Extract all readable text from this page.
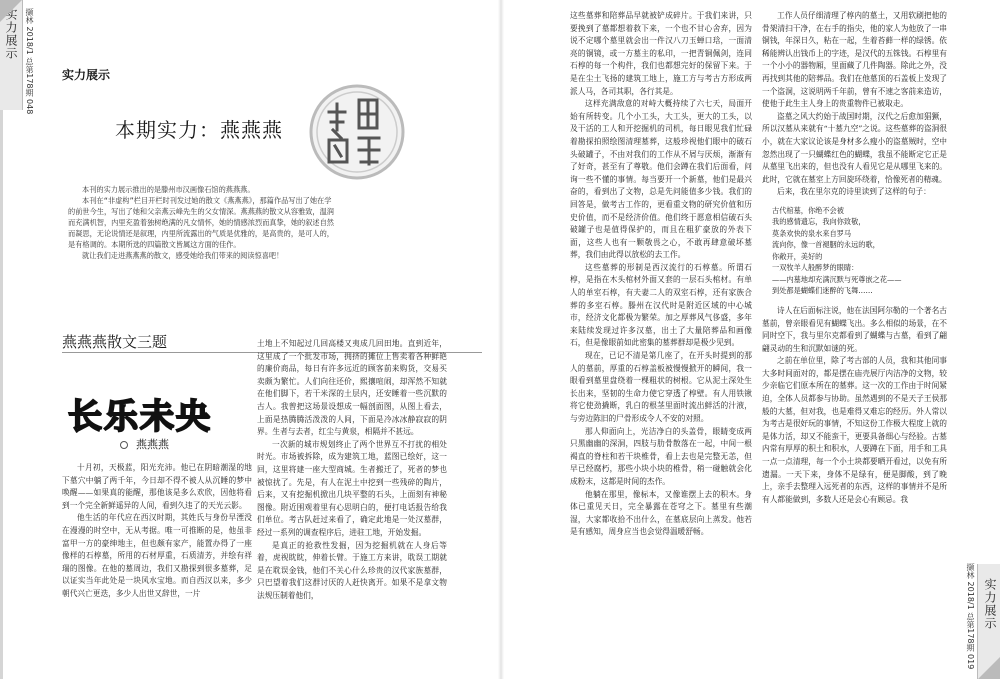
实力展示 撷林 2018/1 总第178期 048
实力展示
撷林 2018/1 总第178期 019
实力展示
本期实力：燕燕燕

本刊的实力展示推出的是滕州市汉画像石馆的燕燕燕。

本刊在“非虚构”栏目开栏时刊发过她的散文《燕燕燕》，那篇作品写出了她在学的前世今生，写出了她和父亲燕云峰先生的父女情深。燕燕燕的散文从容雅致，温润而充满机智，内里充盈着独树绝满的凡女情怀，她的情感浓烈而真挚，她的叙述自然而凝思，无论说情还是叙理，内里所流露出的气质是优雅的，是高贵的，是可人的，是有格调的。本期所选的四篇散文皆属这方面的佳作。

就让我们走进燕燕燕的散文，感受她给我们带来的阅读惊喜吧！

燕燕燕散文三题
长乐未央
燕燕燕

十月初，天极蓝，阳光充沛。他已在阴暗潮湿的地下墓穴中躺了两千年，今日却不得不被人从沉睡的梦中唤醒——如果真的能醒，那他该是多么欢欣，因他将看到一个完全新鲜遥异的人间，看到久违了的天光云影。

他生活的年代应在西汉时期，其姓氏与身份早湮没在漫漫的时空中，无从考据。唯一可推断的是，他虽非富甲一方的豪绅地主，但也颇有家产，能置办得了一座像样的石椁墓，所用的石材厚重，石质清芳，并绘有祥瑞的图像。在他的墓周边，我们又勘探到很多墓葬，足以证实当年此处是一块风水宝地。而自西汉以来，多少朝代兴亡更迭，多少人出世又辞世，一片

土地上不知起过几回高楼又夷成几回田地。直到近年，这里成了一个批发市场，拥挤的摊位上售卖着各种鲜艳的廉价商品，每日有许多远近的顾客前来购货，交易买卖颇为繁忙。人们向往还价，熙攘喧闹，却浑然不知就在他们脚下，若干米深的土层内，还安睡着一些沉默的古人。我曾把这场景设想成一幅剖面图，从图上看去，上面是热腾腾活泼泼的人间，下面是冷冰冰静寂寂的阴界。生者与去者，红尘与黄泉，相隔并不甚远。

一次新的城市规划终止了两个世界互不打扰的相处时光。市场被拆除，成为建筑工地，蓝图已绘好，这一回，这里将建一座大型商城。生者搬迁了，死者的梦也被惊扰了。先是，有人在泥土中挖到一些残碎的陶片，后来，又有挖掘机掀出几块平整的石头，上面刻有神秘图像。附近围观着里有心思明白的，便打电话报告给我们单位。考古队赶过来看了，确定此地是一处汉墓群，经过一系列的调查程序后，进驻工地，开始发掘。

是真正的抢救性发掘，因为挖掘机就在人身后等着，虎视眈眈，伸着长臂。于施工方来讲，耽误工期就是在耽误金钱，他们不关心什么珍贵的汉代家族墓群，只巴望着我们这群讨厌的人赶快离开。如果不是拿文物法规压制着他们，

这些墓葬和陪葬品早就被铲成碎片。于我们来讲，只要挽到了墓都想着救下来，一个也不甘心舍弃，因为说不定哪个墓里就会出一件汉八刀玉蝉口琀，一面清亮的铜镜，或一方墓主的私印，一把青铜佩剑，连同石椁的每一个构件，我们也都想完好的保留下来。于是在尘土飞扬的建筑工地上，施工方与考古方形成两派人马，各司其职，各行其是。

这样充满敌意的对峙大概持续了六七天，局面开始有所转变。几个小工头，大工头，更大的工头，以及干活的工人和开挖掘机的司机，每日眼见我们忙碌着勘探拍照绘图清理墓葬，这般珍视他们眼中的破石头破罐子，不由对我们的工作从不屑与厌烦，渐渐有了好奇，甚至有了尊敬。他们会蹲在我们后面看，问询一些不懂的事情。每当要开一个新墓，他们是最兴奋的，看到出了文物，总是先问能值多少钱。我们的回答是，做考古工作的，更看重文物的研究价值和历史价值，而不是经济价值。他们终于愿意相信破石头破罐子也是值得保护的，而且在粗犷豪放的外表下面，这些人也有一颗敬畏之心，不敢再肆意破坏墓葬，我们由此得以放松的去工作。

这些墓葬的形制是西汉流行的石椁墓。所谓石椁，是指在木头棺材外面又套的一层石头棺材。有单人的单室石椁，有夫妻二人的双室石椁，还有家族合葬的多室石椁。滕州在汉代时是附近区域的中心城市，经济文化都极为繁荣。加之厚葬风气侈盛，多年来陆续发现过许多汉墓，出土了大量陪葬品和画像石，但是像眼前如此密集的墓葬群却是极少见到。

现在，已记不清是第几座了，在开头时提到的那人的墓前，厚重的石椁盖板被慢慢掀开的瞬间，我一眼看到墓里盘绕着一棵粗状的树根。它从泥土深处生长出来，坚韧的生命力使它穿透了椁壁。有人用铁锹将它使劲撬断，乳白的根茎里面时流出鲜活的汁液，与旁边陈旧的尸骨形成令人不安的对照。

那人仰面向上，光洁净白的头盖骨，眼睛变成两只黑幽幽的深洞，四肢与肋骨散落在一起，中间一根褐直的脊柱和若干块椎骨，看上去也是完整无恙，但早已经腐朽，那些小块小块的椎骨，稍一碰触就会化成粉末，这都是时间的杰作。

他躺在那里，像标本，又像谁摆上去的积木。身体已重见天日，完全暴露在苍穹之下。墓里有些潮湿，大家都收拾不出什么，在墓底层向上蒸发。他若是有感知，周身应当也会觉得温暖舒畅。

工作人员仔细清理了椁内的墓土，又用软刷把他的骨架清扫干净，在右手的指尖，他的家人为他放了一串铜钱，年深日久，粘在一起，生着苔藓一样的绿锈。依稀能辨认出钱币上的字迹，是汉代的五铢钱。石椁里有一个小小的器物厢，里面藏了几件陶器。除此之外，没再找到其他的陪葬品。我们在他墓顶的石盖板上发现了一个盗洞，这说明两千年前，曾有不速之客前来造访，使他于此生主人身上的贵重物件已被取走。

盗墓之风大约始于战国时期，汉代之后愈加猖獗，所以汉墓从来就有“十墓九空”之说。这些墓葬的盗洞很小，就在大家议论该是身材多么瘦小的盗墓贼时，空中忽然出现了一只蝴蝶红色的蝴蝶，我虽不能断定它正是从墓里飞出来的，但也没有人看见它是从哪里飞来的。此时，它就在墓室上方回旋环绕着，恰像死者的精魂。

后来，我在里尔克的诗里读到了这样的句子：

古代棺墓，你绝不会被
我的感情遗忘，我向你致敬，
莫条欢快的泉水来自罗马
流向你，像一首褪胭的永远的歌，
你敞开，美好的
一双牧羊人般醉梦的眼睛：
——内墓地却充满沉默与死尊嵌之花——
到处都是蝴蝶们迷醉的飞舞……

诗人在后面标注说，他在法国阿尔勒的一个著名古墓前，曾亲眼看见有蝴蝶飞出。多么相似的场景，在不同时空下，我与里尔克都看到了蝴蝶与古墓，看到了翩翩灵动的生和沉默如谜的死。

之前在单位里，除了考古部的人员，我和其他同事大多时间面对的，都是摆在庙壳展厅内洁净的文物，较少亲临它们原本所在的墓葬。这一次的工作由于时间紧迫，全体人员都参与协助。虽然遇到的不是天子王侯那般的大墓，但对我，也是难得又难忘的经历。外人常以为考古是很好玩的事情，不知这份工作极大程度上就的是体力活，却又不能蛮干，更要具备细心与经验。古墓内常有厚厚的积土和积水，人要蹲在下面，用手和工具一点一点清理，每一个小土块都要晒开看过，以免有所遗漏。一天下来，身体不是绿有，便是脚酸，到了晚上，亲手去整理入远死者的东西，这样的事情并不是所有人都能做到，多数人还是会心有顾忌。我
